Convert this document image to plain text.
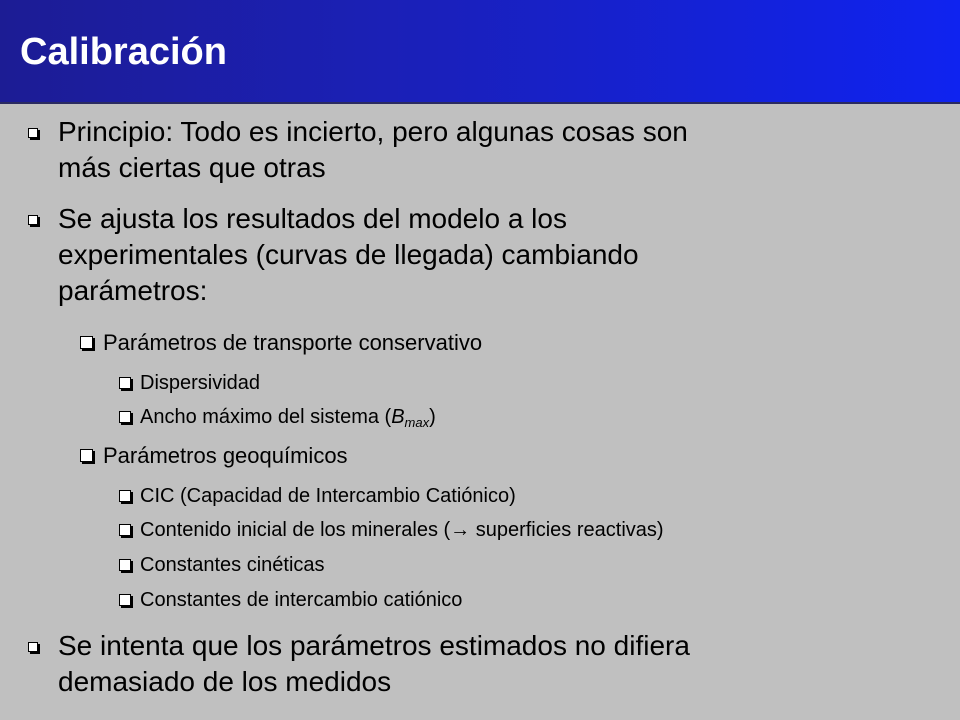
Calibración
Principio: Todo es incierto, pero algunas cosas son
más ciertas que otras
Se ajusta los resultados del modelo a los
experimentales (curvas de llegada) cambiando
parámetros:
Parámetros de transporte conservativo
Dispersividad
Ancho máximo del sistema $(B_{max})$
Parámetros geoquímicos
CIC (Capacidad de Intercambio Catiónico)
Contenido inicial de los minerales (→ superficies reactivas)
Constantes cinéticas
Constantes de intercambio catiónico
Se intenta que los parámetros estimados no difiera
demasiado de los medidos
